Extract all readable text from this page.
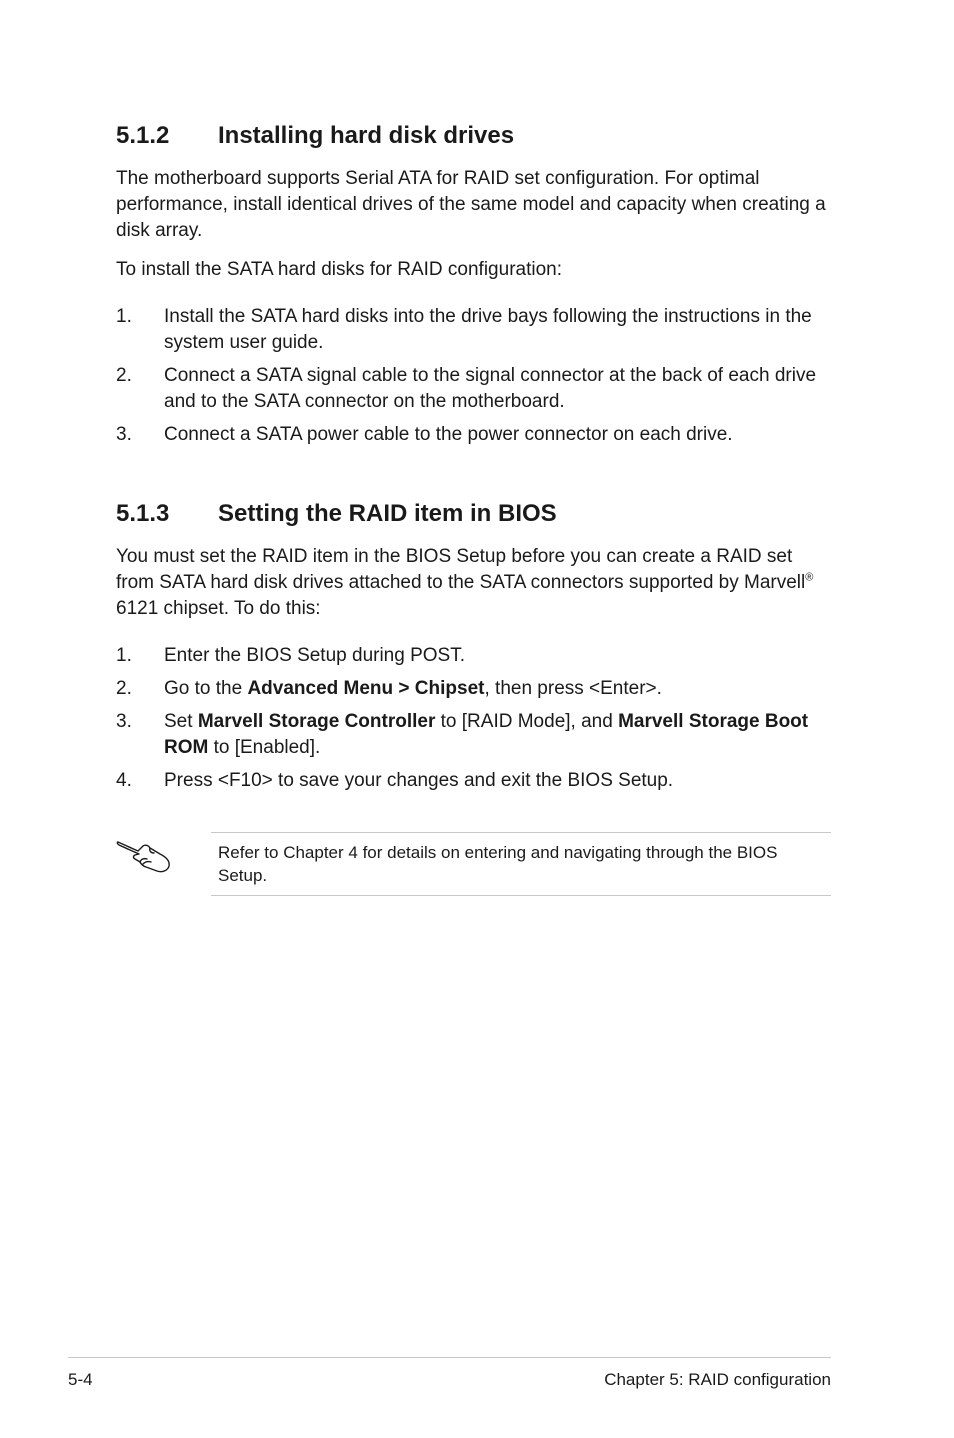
5.1.2	Installing hard disk drives

The motherboard supports Serial ATA for RAID set configuration. For optimal performance, install identical drives of the same model and capacity when creating a disk array.

To install the SATA hard disks for RAID configuration:

1.	Install the SATA hard disks into the drive bays following the instructions in the system user guide.
2.	Connect a SATA signal cable to the signal connector at the back of each drive and to the SATA connector on the motherboard.
3.	Connect a SATA power cable to the power connector on each drive.
5.1.3	Setting the RAID item in BIOS

You must set the RAID item in the BIOS Setup before you can create a RAID set from SATA hard disk drives attached to the SATA connectors supported by Marvell® 6121 chipset. To do this:

1.	Enter the BIOS Setup during POST.
2.	Go to the Advanced Menu > Chipset, then press <Enter>.
3.	Set Marvell Storage Controller to [RAID Mode], and Marvell Storage Boot ROM to [Enabled].
4.	Press <F10> to save your changes and exit the BIOS Setup.

Refer to Chapter 4 for details on entering and navigating through the BIOS Setup.

5-4	Chapter 5: RAID configuration
